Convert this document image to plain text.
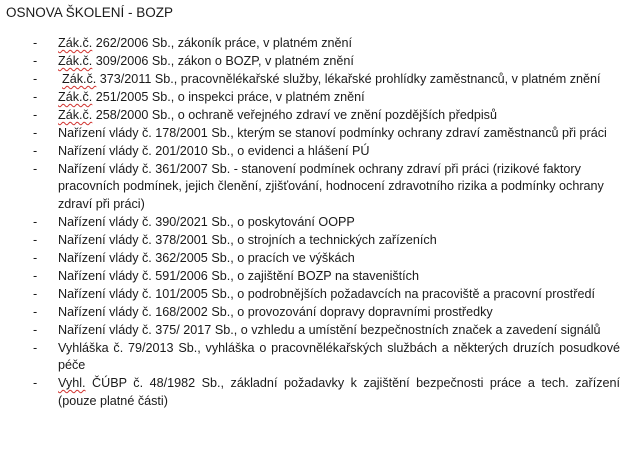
OSNOVA ŠKOLENÍ - BOZP
- Zák.č. 262/2006 Sb., zákoník práce, v platném znění
- Zák.č. 309/2006 Sb., zákon o BOZP, v platném znění
-	Zák.č. 373/2011 Sb., pracovnělékařské služby, lékařské prohlídky zaměstnanců, v platném znění
- Zák.č. 251/2005 Sb., o inspekci práce, v platném znění
- Zák.č. 258/2000 Sb., o ochraně veřejného zdraví ve znění pozdějších předpisů
- Nařízení vlády č. 178/2001 Sb., kterým se stanoví podmínky ochrany zdraví zaměstnanců při práci
- Nařízení vlády č. 201/2010 Sb., o evidenci a hlášení PÚ
- Nařízení vlády č. 361/2007 Sb. - stanovení podmínek ochrany zdraví při práci (rizikové faktory pracovních podmínek, jejich členění, zjišťování, hodnocení zdravotního rizika a podmínky ochrany zdraví při práci)
- Nařízení vlády č. 390/2021 Sb., o poskytování OOPP
- Nařízení vlády č. 378/2001 Sb., o strojních a technických zařízeních
- Nařízení vlády č. 362/2005 Sb., o pracích ve výškách
- Nařízení vlády č. 591/2006 Sb., o zajištění BOZP na staveništích
- Nařízení vlády č. 101/2005 Sb., o podrobnějších požadavcích na pracoviště a pracovní prostředí
- Nařízení vlády č. 168/2002 Sb., o provozování dopravy dopravními prostředky
- Nařízení vlády č. 375/ 2017 Sb., o vzhledu a umístění bezpečnostních značek a zavedení signálů
- Vyhláška č. 79/2013 Sb., vyhláška o pracovnělékařských službách a některých druzích posudkové péče
- Vyhl. ČÚBP č. 48/1982 Sb., základní požadavky k zajištění bezpečnosti práce a tech. zařízení (pouze platné části)
